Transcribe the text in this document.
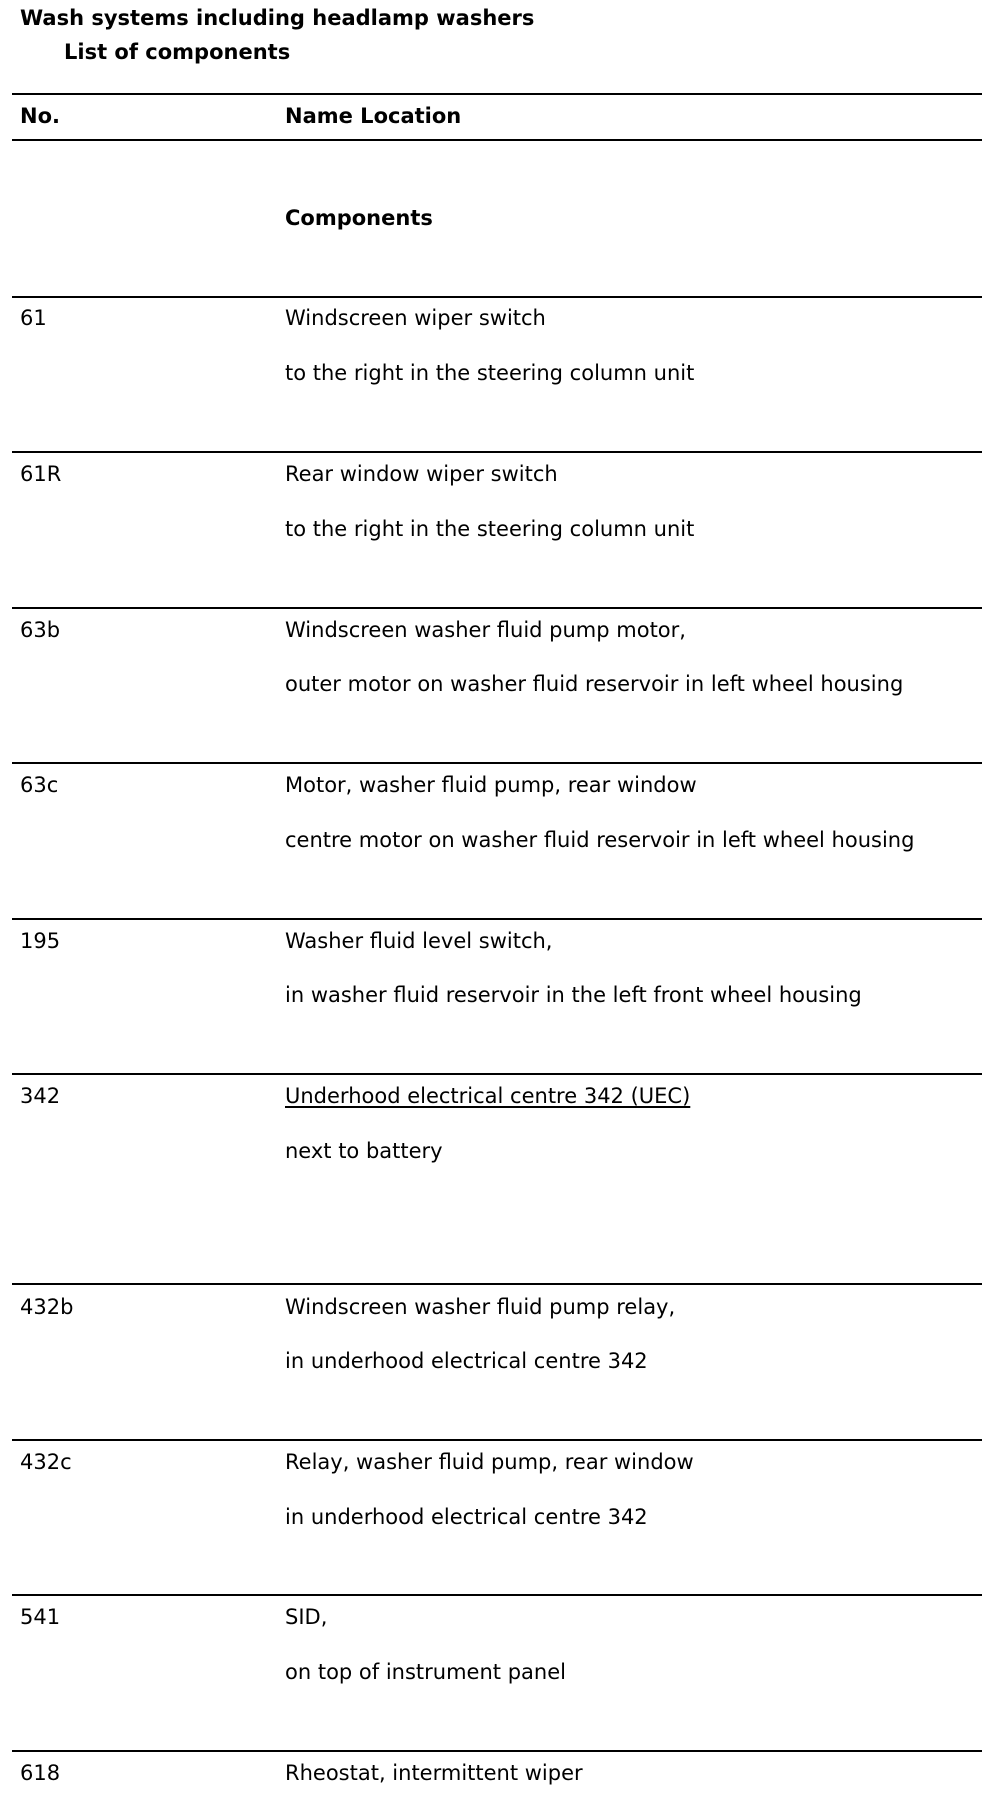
Wash systems including headlamp washers
List of components
No.	Name Location
Components
61	Windscreen wiper switch
to the right in the steering column unit
61R	Rear window wiper switch
to the right in the steering column unit
63b	Windscreen washer fluid pump motor,
outer motor on washer fluid reservoir in left wheel housing
63c	Motor, washer fluid pump, rear window
centre motor on washer fluid reservoir in left wheel housing
195	Washer fluid level switch,
in washer fluid reservoir in the left front wheel housing
342	Underhood electrical centre 342 (UEC)
next to battery
432b	Windscreen washer fluid pump relay,
in underhood electrical centre 342
432c	Relay, washer fluid pump, rear window
in underhood electrical centre 342
541	SID,
on top of instrument panel
618	Rheostat, intermittent wiper
